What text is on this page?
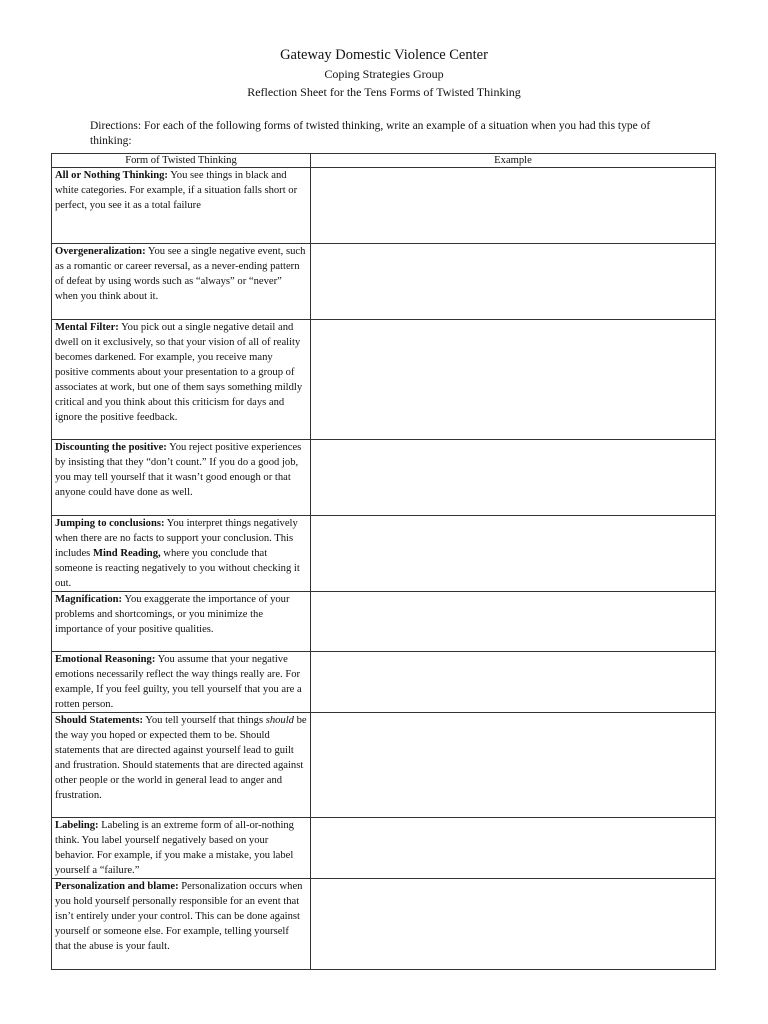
Gateway Domestic Violence Center
Coping Strategies Group
Reflection Sheet for the Tens Forms of Twisted Thinking
Directions: For each of the following forms of twisted thinking, write an example of a situation when you had this type of thinking:
Form of Twisted Thinking	Example
All or Nothing Thinking: You see things in black and white categories. For example, if a situation falls short or perfect, you see it as a total failure	
Overgeneralization: You see a single negative event, such as a romantic or career reversal, as a never-ending pattern of defeat by using words such as “always” or “never” when you think about it.	
Mental Filter: You pick out a single negative detail and dwell on it exclusively, so that your vision of all of reality becomes darkened. For example, you receive many positive comments about your presentation to a group of associates at work, but one of them says something mildly critical and you think about this criticism for days and ignore the positive feedback.	
Discounting the positive: You reject positive experiences by insisting that they “don’t count.” If you do a good job, you may tell yourself that it wasn’t good enough or that anyone could have done as well.	
Jumping to conclusions: You interpret things negatively when there are no facts to support your conclusion. This includes Mind Reading, where you conclude that someone is reacting negatively to you without checking it out.	
Magnification: You exaggerate the importance of your problems and shortcomings, or you minimize the importance of your positive qualities.	
Emotional Reasoning: You assume that your negative emotions necessarily reflect the way things really are. For example, If you feel guilty, you tell yourself that you are a rotten person.	
Should Statements: You tell yourself that things should be the way you hoped or expected them to be. Should statements that are directed against yourself lead to guilt and frustration. Should statements that are directed against other people or the world in general lead to anger and frustration.	
Labeling: Labeling is an extreme form of all-or-nothing think. You label yourself negatively based on your behavior. For example, if you make a mistake, you label yourself a “failure.”	
Personalization and blame: Personalization occurs when you hold yourself personally responsible for an event that isn’t entirely under your control. This can be done against yourself or someone else. For example, telling yourself that the abuse is your fault.	
